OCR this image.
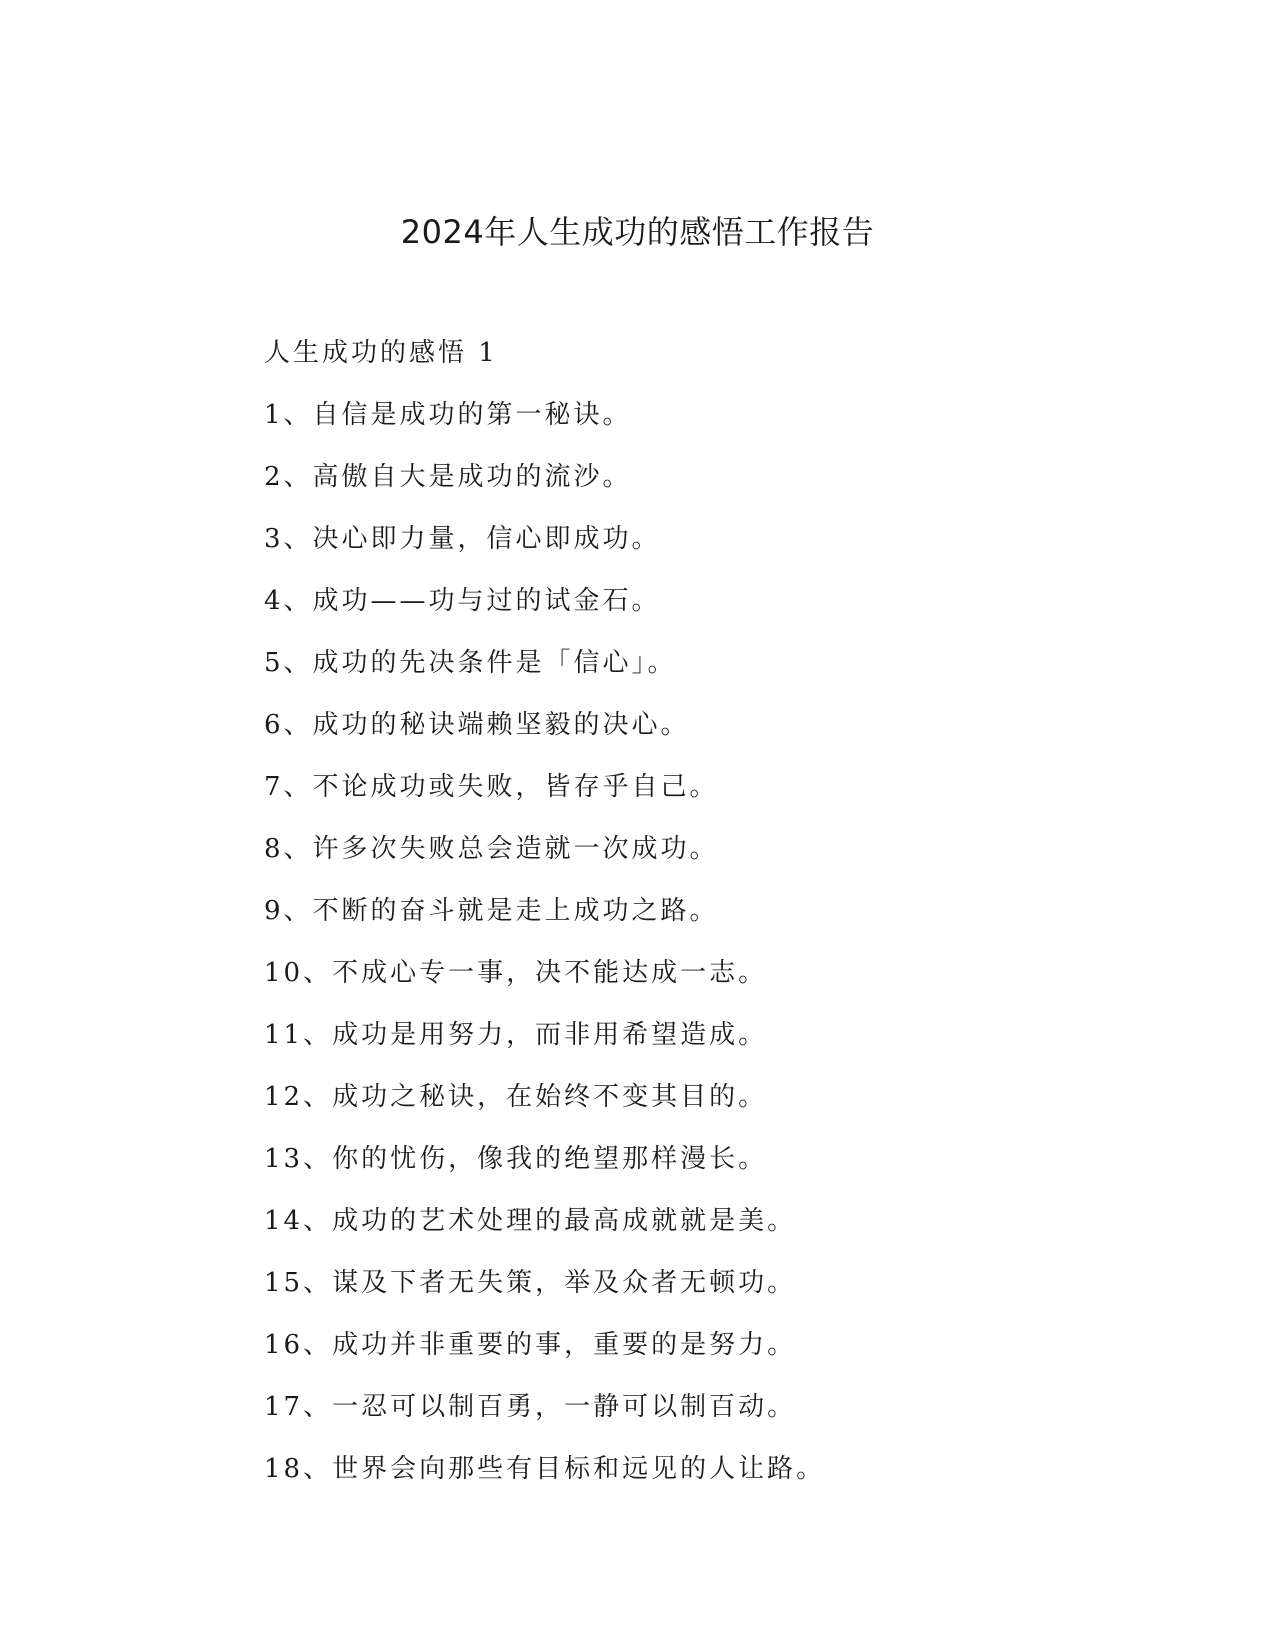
2024年人生成功的感悟工作报告
人生成功的感悟 1
1、自信是成功的第一秘诀。
2、高傲自大是成功的流沙。
3、决心即力量，信心即成功。
4、成功——功与过的试金石。
5、成功的先决条件是「信心」。
6、成功的秘诀端赖坚毅的决心。
7、不论成功或失败，皆存乎自己。
8、许多次失败总会造就一次成功。
9、不断的奋斗就是走上成功之路。
10、不成心专一事，决不能达成一志。
11、成功是用努力，而非用希望造成。
12、成功之秘诀，在始终不变其目的。
13、你的忧伤，像我的绝望那样漫长。
14、成功的艺术处理的最高成就就是美。
15、谋及下者无失策，举及众者无顿功。
16、成功并非重要的事，重要的是努力。
17、一忍可以制百勇，一静可以制百动。
18、世界会向那些有目标和远见的人让路。
